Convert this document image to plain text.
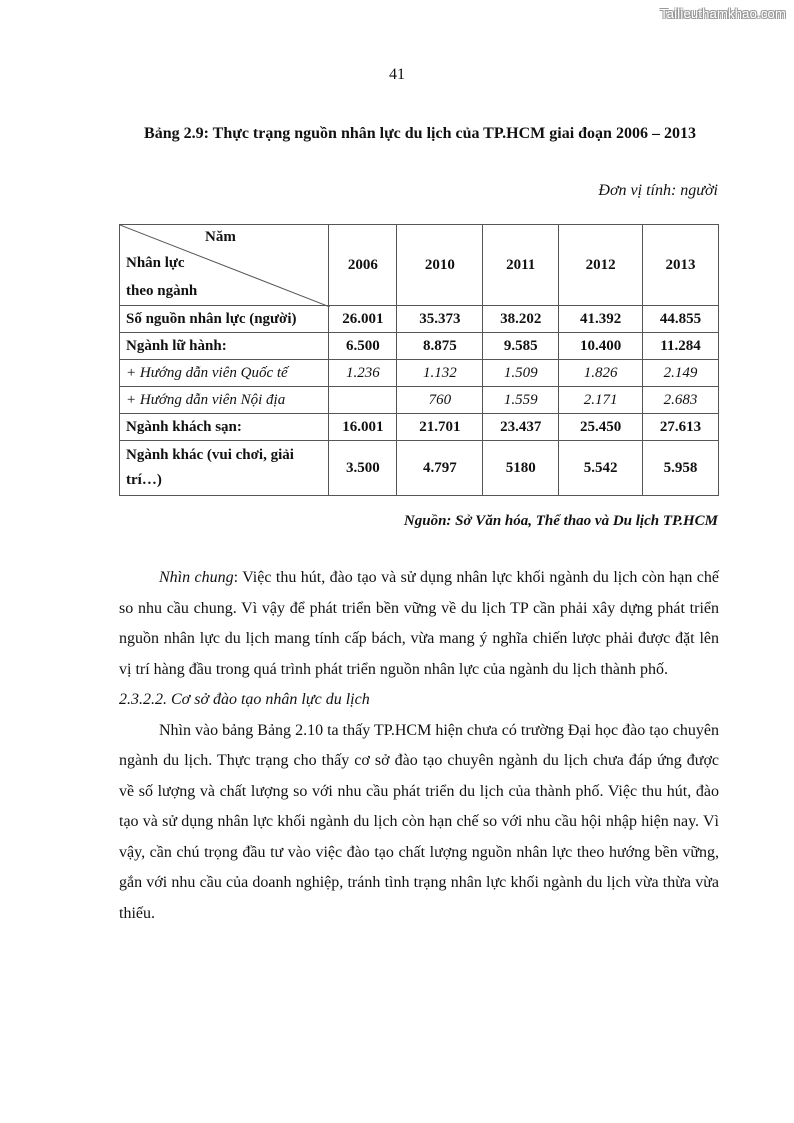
Tailieuthamkhao.com
41
Bảng 2.9: Thực trạng nguồn nhân lực du lịch của TP.HCM giai đoạn 2006 – 2013
Đơn vị tính: người
Năm
Nhân lực
theo ngành	2006	2010	2011	2012	2013
Số nguồn nhân lực (người)	26.001	35.373	38.202	41.392	44.855
Ngành lữ hành:	6.500	8.875	9.585	10.400	11.284
+ Hướng dẫn viên Quốc tế	1.236	1.132	1.509	1.826	2.149
+ Hướng dẫn viên Nội địa		760	1.559	2.171	2.683
Ngành khách sạn:	16.001	21.701	23.437	25.450	27.613
Ngành khác (vui chơi, giải trí…)	3.500	4.797	5180	5.542	5.958
Nguồn: Sở Văn hóa, Thể thao và Du lịch TP.HCM

Nhìn chung: Việc thu hút, đào tạo và sử dụng nhân lực khối ngành du lịch còn hạn chế so nhu cầu chung. Vì vậy để phát triển bền vững về du lịch TP cần phải xây dựng phát triển nguồn nhân lực du lịch mang tính cấp bách, vừa mang ý nghĩa chiến lược phải được đặt lên vị trí hàng đầu trong quá trình phát triển nguồn nhân lực của ngành du lịch thành phố.

2.3.2.2. Cơ sở đào tạo nhân lực du lịch

Nhìn vào bảng Bảng 2.10 ta thấy TP.HCM hiện chưa có trường Đại học đào tạo chuyên ngành du lịch. Thực trạng cho thấy cơ sở đào tạo chuyên ngành du lịch chưa đáp ứng được về số lượng và chất lượng so với nhu cầu phát triển du lịch của thành phố. Việc thu hút, đào tạo và sử dụng nhân lực khối ngành du lịch còn hạn chế so với nhu cầu hội nhập hiện nay. Vì vậy, cần chú trọng đầu tư vào việc đào tạo chất lượng nguồn nhân lực theo hướng bền vững, gắn với nhu cầu của doanh nghiệp, tránh tình trạng nhân lực khối ngành du lịch vừa thừa vừa thiếu.
